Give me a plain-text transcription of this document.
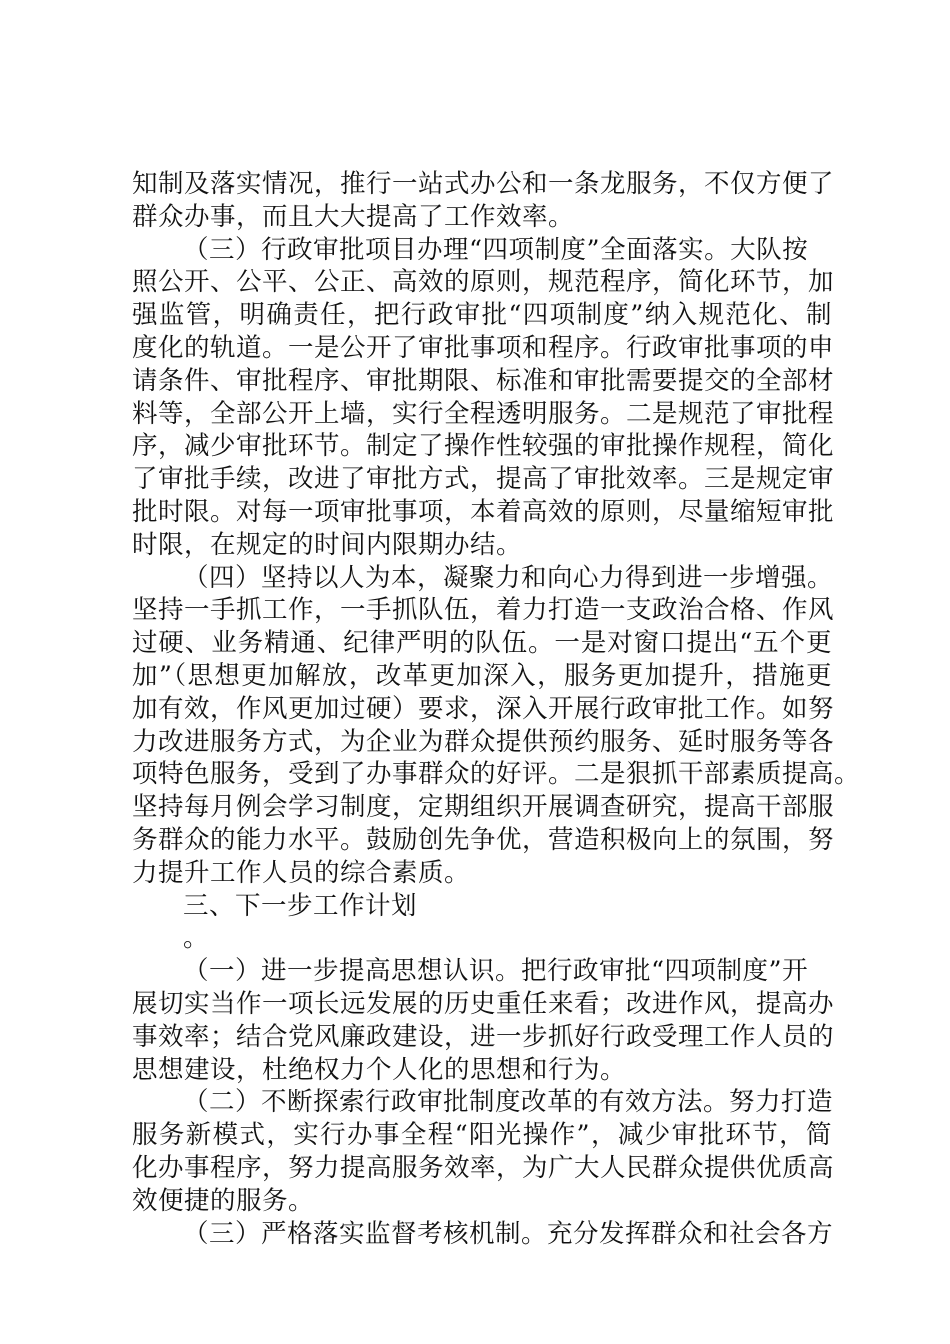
知制及落实情况，推行一站式办公和一条龙服务，不仅方便了
群众办事，而且大大提高了工作效率。
（三）行政审批项目办理“四项制度”全面落实。大队按
照公开、公平、公正、高效的原则，规范程序，简化环节，加
强监管，明确责任，把行政审批“四项制度”纳入规范化、制
度化的轨道。一是公开了审批事项和程序。行政审批事项的申
请条件、审批程序、审批期限、标准和审批需要提交的全部材
料等，全部公开上墙，实行全程透明服务。二是规范了审批程
序，减少审批环节。制定了操作性较强的审批操作规程，简化
了审批手续，改进了审批方式，提高了审批效率。三是规定审
批时限。对每一项审批事项，本着高效的原则，尽量缩短审批
时限，在规定的时间内限期办结。
（四）坚持以人为本，凝聚力和向心力得到进一步增强。
坚持一手抓工作，一手抓队伍，着力打造一支政治合格、作风
过硬、业务精通、纪律严明的队伍。一是对窗口提出“五个更
加”（思想更加解放，改革更加深入，服务更加提升，措施更
加有效，作风更加过硬）要求，深入开展行政审批工作。如努
力改进服务方式，为企业为群众提供预约服务、延时服务等各
项特色服务，受到了办事群众的好评。二是狠抓干部素质提高。
坚持每月例会学习制度，定期组织开展调查研究，提高干部服
务群众的能力水平。鼓励创先争优，营造积极向上的氛围，努
力提升工作人员的综合素质。
三、下一步工作计划
。
（一）进一步提高思想认识。把行政审批“四项制度”开
展切实当作一项长远发展的历史重任来看；改进作风，提高办
事效率；结合党风廉政建设，进一步抓好行政受理工作人员的
思想建设，杜绝权力个人化的思想和行为。
（二）不断探索行政审批制度改革的有效方法。努力打造
服务新模式，实行办事全程“阳光操作”，减少审批环节，简
化办事程序，努力提高服务效率，为广大人民群众提供优质高
效便捷的服务。
（三）严格落实监督考核机制。充分发挥群众和社会各方
